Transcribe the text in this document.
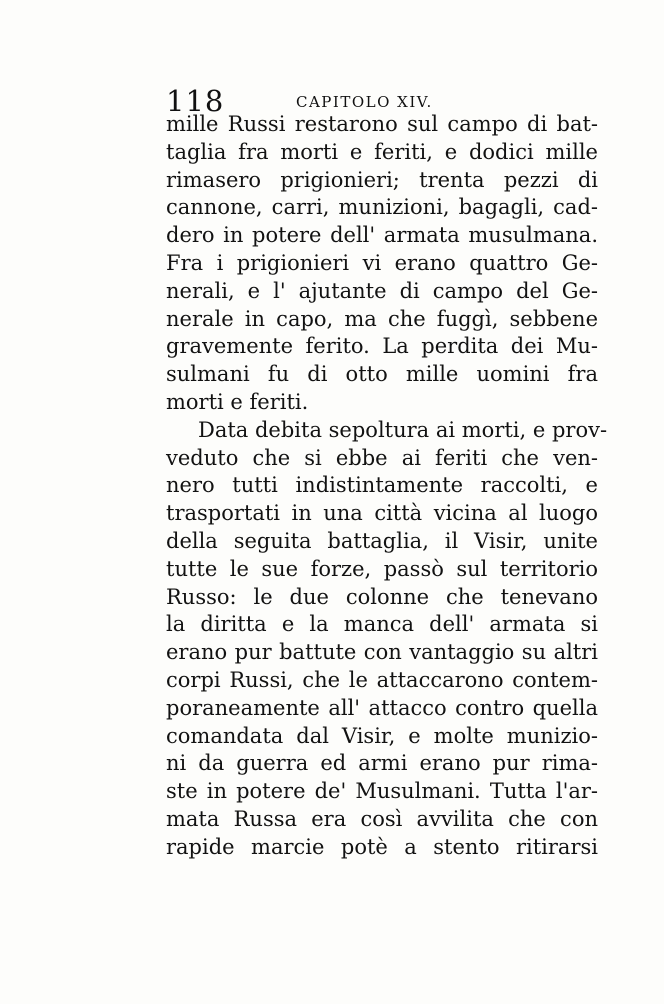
118	CAPITOLO XIV.
mille Russi restarono sul campo di bat-
taglia fra morti e feriti, e dodici mille
rimasero prigionieri; trenta pezzi di
cannone, carri, munizioni, bagagli, cad-
dero in potere dell' armata musulmana.
Fra i prigionieri vi erano quattro Ge-
nerali, e l' ajutante di campo del Ge-
nerale in capo, ma che fuggì, sebbene
gravemente ferito. La perdita dei Mu-
sulmani fu di otto mille uomini fra
morti e feriti.
Data debita sepoltura ai morti, e prov-
veduto che si ebbe ai feriti che ven-
nero tutti indistintamente raccolti, e
trasportati in una città vicina al luogo
della seguita battaglia, il Visir, unite
tutte le sue forze, passò sul territorio
Russo: le due colonne che tenevano
la diritta e la manca dell' armata si
erano pur battute con vantaggio su altri
corpi Russi, che le attaccarono contem-
poraneamente all' attacco contro quella
comandata dal Visir, e molte munizio-
ni da guerra ed armi erano pur rima-
ste in potere de' Musulmani. Tutta l'ar-
mata Russa era così avvilita che con
rapide marcie potè a stento ritirarsi
